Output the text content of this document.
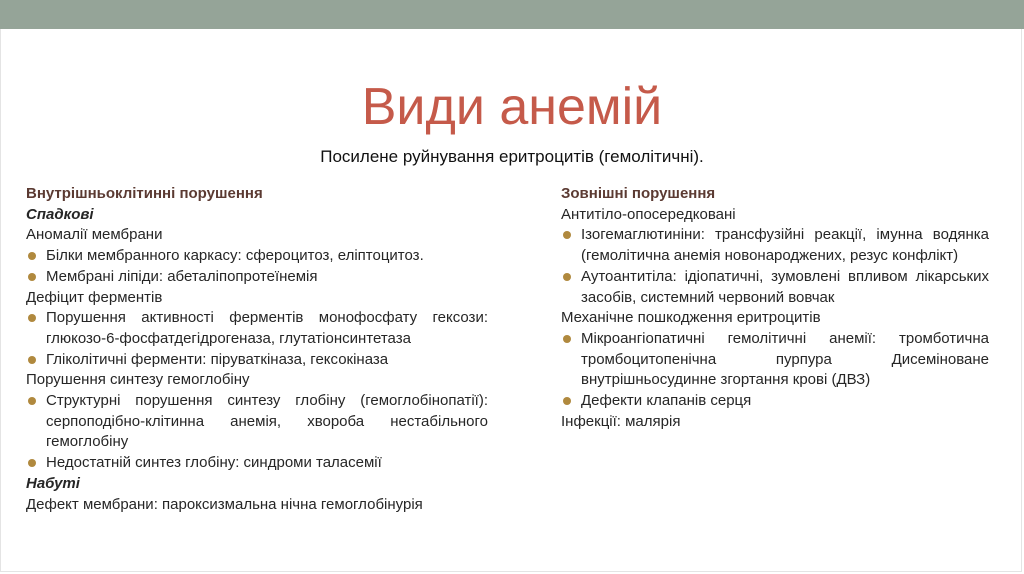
Види анемій
Посилене руйнування еритроцитів (гемолітичні).
Внутрішньоклітинні порушення
Спадкові
Аномалії мембрани
Білки мембранного каркасу: сфероцитоз, еліптоцитоз.
Мембрані ліпіди: абеталіпопротеїнемія
Дефіцит ферментів
Порушення активності ферментів монофосфату гексози: глюкозо-6-фосфатдегідрогеназа, глутатіонсинтетаза
Гліколітичні ферменти: піруваткіназа, гексокіназа
Порушення синтезу гемоглобіну
Структурні порушення синтезу глобіну (гемоглобінопатії): серпоподібно-клітинна анемія, хвороба нестабільного гемоглобіну
Недостатній синтез глобіну: синдроми таласемії
Набуті
Дефект мембрани: пароксизмальна нічна гемоглобінурія
Зовнішні порушення
Антитіло-опосередковані
Ізогемаглютиніни: трансфузійні реакції, імунна водянка (гемолітична анемія новонароджених, резус конфлікт)
Аутоантитіла: ідіопатичні, зумовлені впливом лікарських засобів, системний червоний вовчак
Механічне пошкодження еритроцитів
Мікроангіопатичні гемолітичні анемії: тромботична тромбоцитопенічна пурпура Дисеміноване внутрішньосудинне згортання крові (ДВЗ)
Дефекти клапанів серця
Інфекції: малярія
